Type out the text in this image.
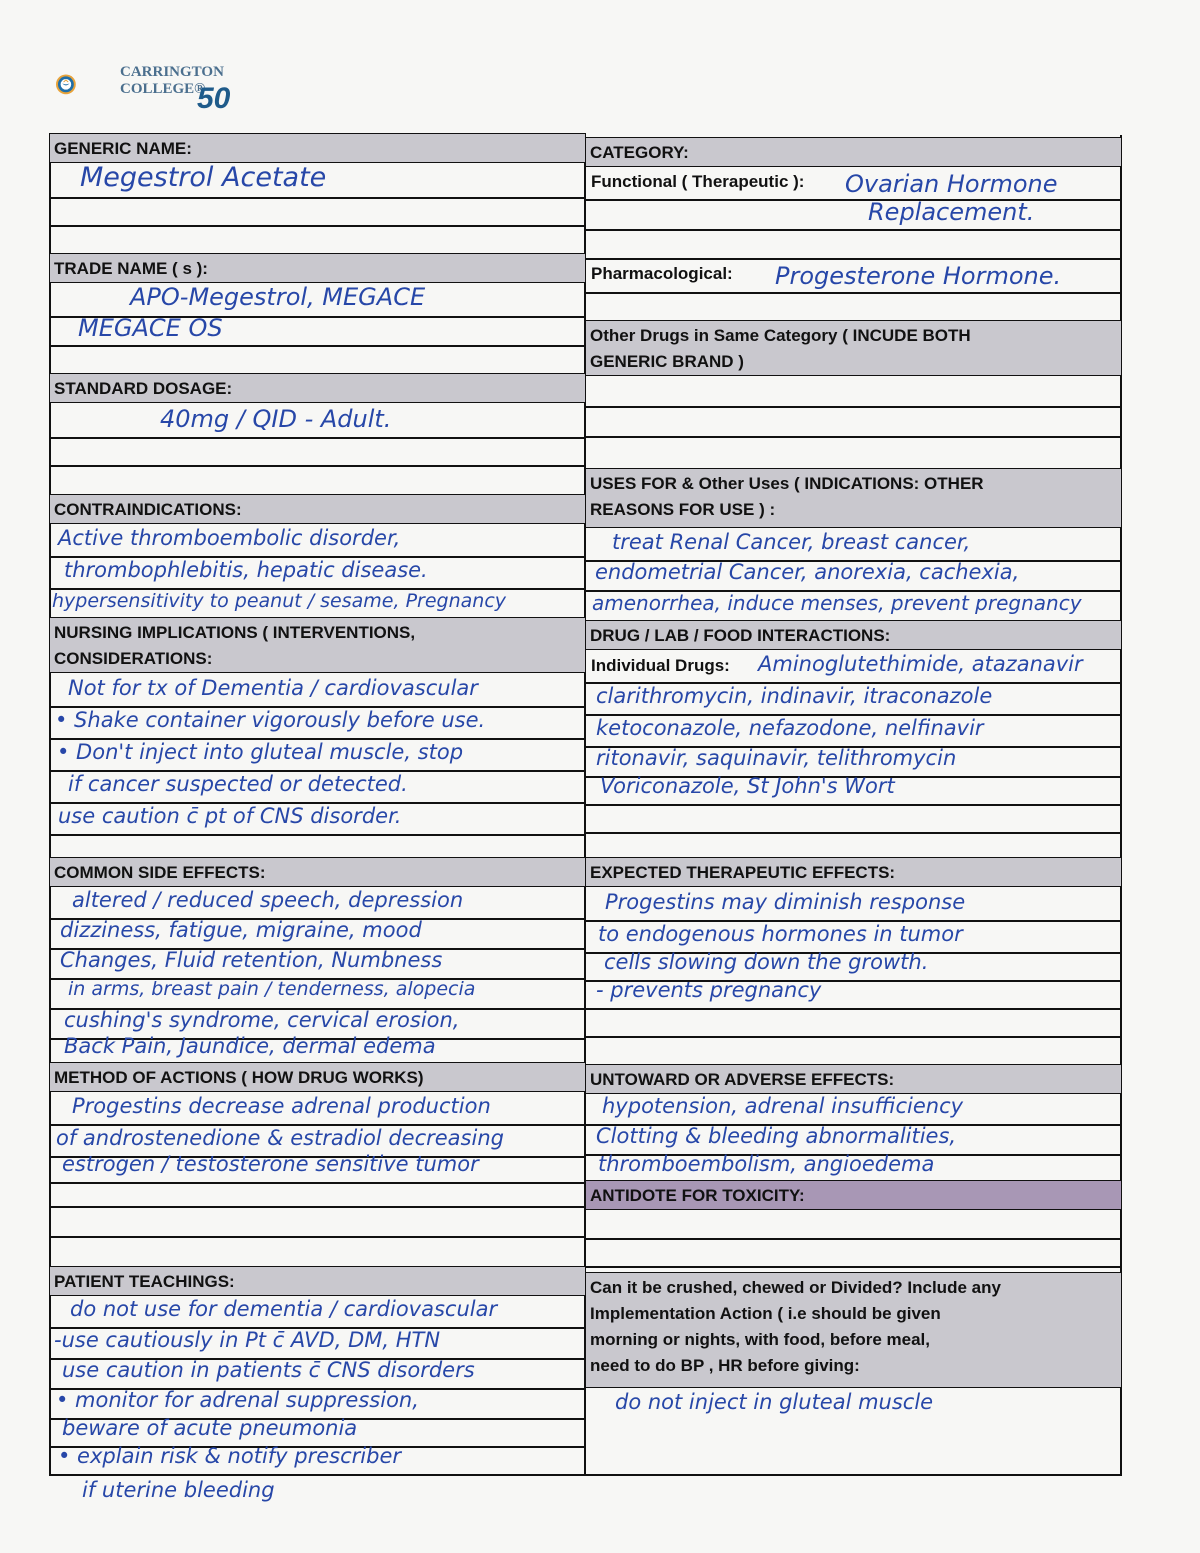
CARRINGTON
COLLEGE®
50
GENERIC NAME:
Megestrol Acetate
TRADE NAME ( s ):
APO-Megestrol, MEGACE
MEGACE OS
STANDARD DOSAGE:
40mg / QID - Adult.
CONTRAINDICATIONS:
Active thromboembolic disorder,
thrombophlebitis, hepatic disease.
hypersensitivity to peanut / sesame, Pregnancy
NURSING IMPLICATIONS ( INTERVENTIONS,
CONSIDERATIONS:
Not for tx of Dementia / cardiovascular
• Shake container vigorously before use.
• Don't inject into gluteal muscle, stop
if cancer suspected or detected.
use caution c̄ pt of CNS disorder.
COMMON SIDE EFFECTS:
altered / reduced speech, depression
dizziness, fatigue, migraine, mood
Changes, Fluid retention, Numbness
in arms, breast pain / tenderness, alopecia
cushing's syndrome, cervical erosion,
Back Pain, Jaundice, dermal edema
METHOD OF ACTIONS ( HOW DRUG WORKS)
Progestins decrease adrenal production
of androstenedione & estradiol decreasing
estrogen / testosterone sensitive tumor
PATIENT TEACHINGS:
do not use for dementia / cardiovascular
-use cautiously in Pt c̄ AVD, DM, HTN
use caution in patients c̄ CNS disorders
• monitor for adrenal suppression,
beware of acute pneumonia
• explain risk & notify prescriber
if uterine bleeding
CATEGORY:
Functional ( Therapeutic ): Ovarian Hormone
Replacement.
Pharmacological: Progesterone Hormone.
Other Drugs in Same Category ( INCUDE BOTH
GENERIC BRAND )
USES FOR & Other Uses ( INDICATIONS: OTHER
REASONS FOR USE ) :
treat Renal Cancer, breast cancer,
endometrial Cancer, anorexia, cachexia,
amenorrhea, induce menses, prevent pregnancy
DRUG / LAB / FOOD INTERACTIONS:
Individual Drugs: Aminoglutethimide, atazanavir
clarithromycin, indinavir, itraconazole
ketoconazole, nefazodone, nelfinavir
ritonavir, saquinavir, telithromycin
Voriconazole, St John's Wort
EXPECTED THERAPEUTIC EFFECTS:
Progestins may diminish response
to endogenous hormones in tumor
cells slowing down the growth.
- prevents pregnancy
UNTOWARD OR ADVERSE EFFECTS:
hypotension, adrenal insufficiency
Clotting & bleeding abnormalities,
thromboembolism, angioedema
ANTIDOTE FOR TOXICITY:
Can it be crushed, chewed or Divided? Include any
Implementation Action ( i.e should be given
morning or nights, with food, before meal,
need to do BP , HR before giving:
do not inject in gluteal muscle
